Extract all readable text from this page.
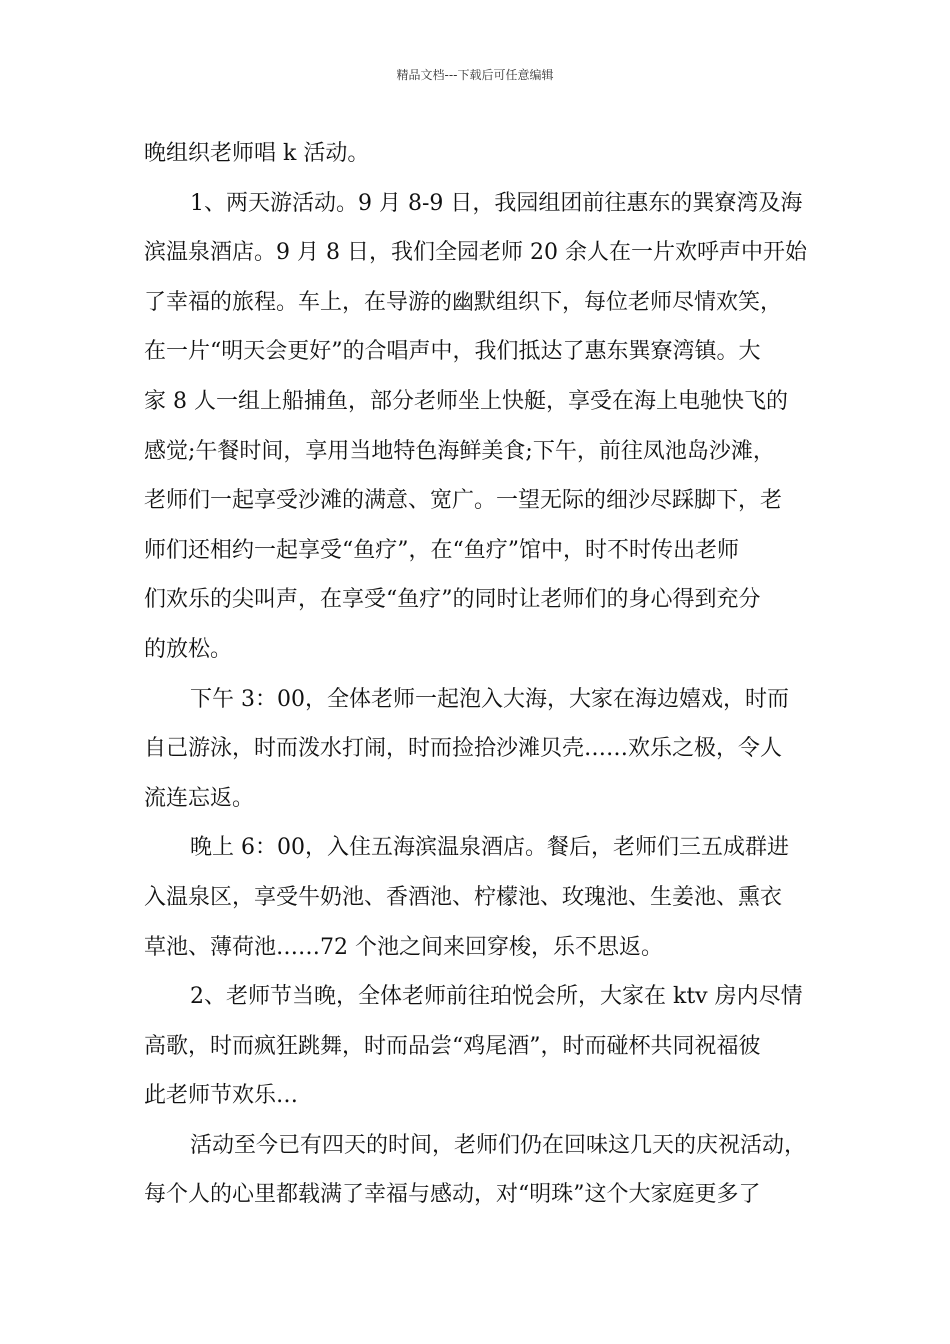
精品文档---下载后可任意编辑
晚组织老师唱 k 活动。
1、两天游活动。9 月 8-9 日，我园组团前往惠东的巽寮湾及海
滨温泉酒店。9 月 8 日，我们全园老师 20 余人在一片欢呼声中开始
了幸福的旅程。车上，在导游的幽默组织下，每位老师尽情欢笑，
在一片“明天会更好”的合唱声中，我们抵达了惠东巽寮湾镇。大
家 8 人一组上船捕鱼，部分老师坐上快艇，享受在海上电驰快飞的
感觉;午餐时间，享用当地特色海鲜美食;下午，前往凤池岛沙滩，
老师们一起享受沙滩的满意、宽广。一望无际的细沙尽踩脚下，老
师们还相约一起享受“鱼疗”，在“鱼疗”馆中，时不时传出老师
们欢乐的尖叫声，在享受“鱼疗”的同时让老师们的身心得到充分
的放松。
下午 3：00，全体老师一起泡入大海，大家在海边嬉戏，时而
自己游泳，时而泼水打闹，时而捡拾沙滩贝壳……欢乐之极，令人
流连忘返。
晚上 6：00，入住五海滨温泉酒店。餐后，老师们三五成群进
入温泉区，享受牛奶池、香酒池、柠檬池、玫瑰池、生姜池、熏衣
草池、薄荷池……72 个池之间来回穿梭，乐不思返。
2、老师节当晚，全体老师前往珀悦会所，大家在 ktv 房内尽情
高歌，时而疯狂跳舞，时而品尝“鸡尾酒”，时而碰杯共同祝福彼
此老师节欢乐…
活动至今已有四天的时间，老师们仍在回味这几天的庆祝活动，
每个人的心里都载满了幸福与感动，对“明珠”这个大家庭更多了
